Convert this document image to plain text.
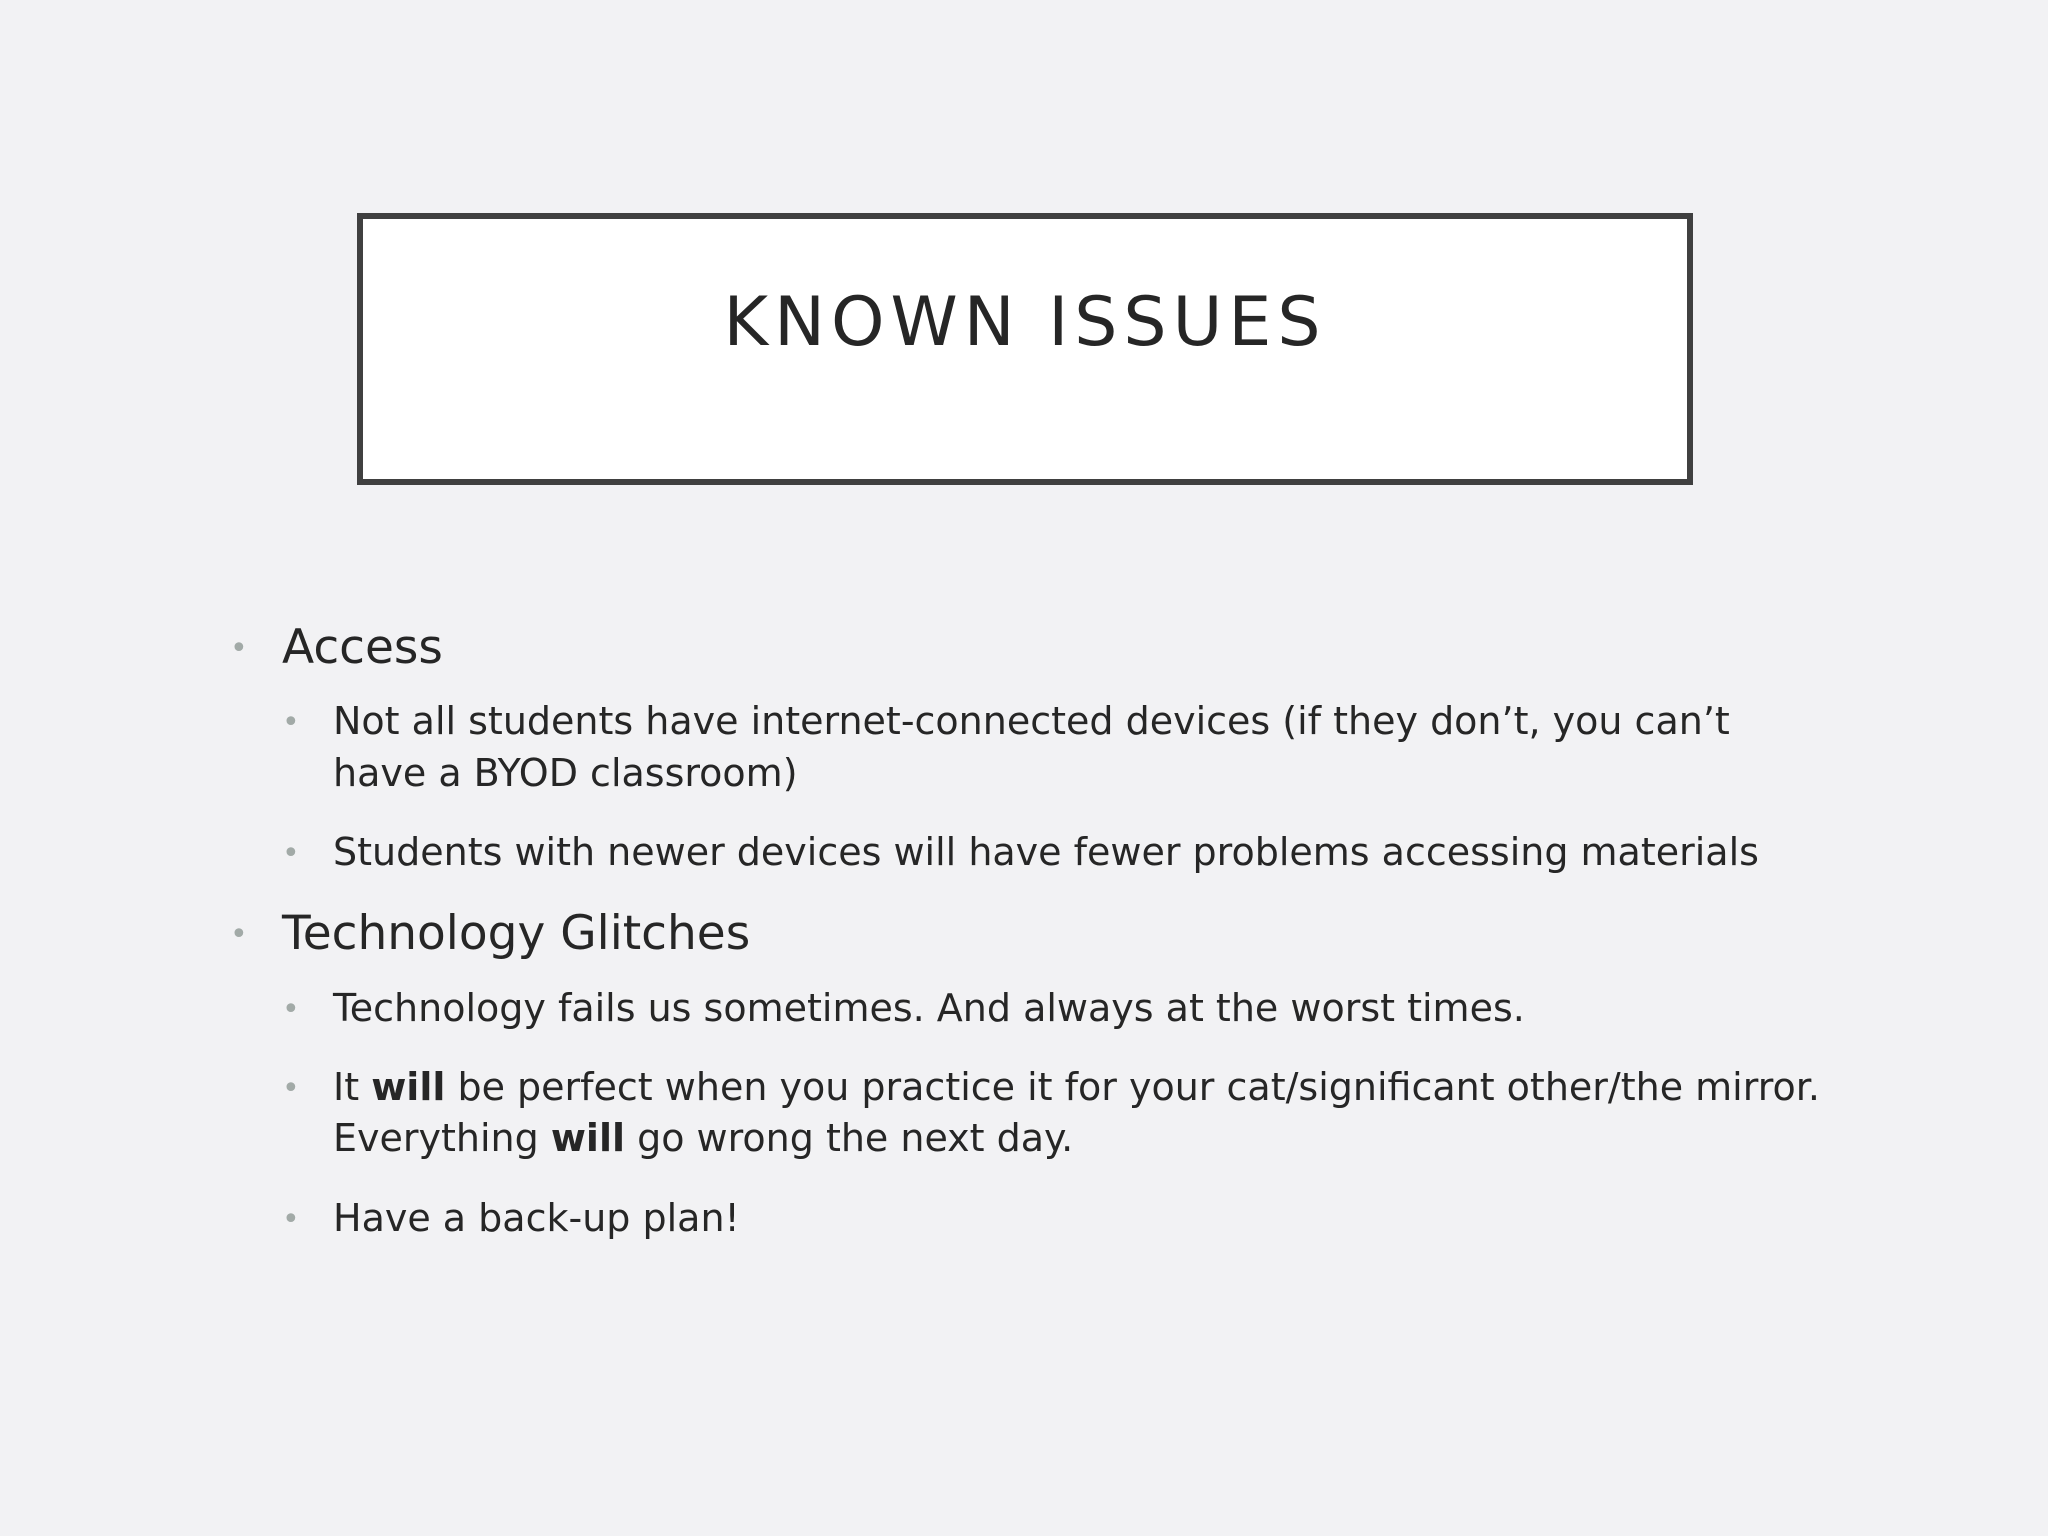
KNOWN ISSUES
• Access
• Not all students have internet-connected devices (if they don’t, you can’t have a BYOD classroom)
• Students with newer devices will have fewer problems accessing materials
• Technology Glitches
• Technology fails us sometimes. And always at the worst times.
• It will be perfect when you practice it for your cat/significant other/the mirror. Everything will go wrong the next day.
• Have a back-up plan!
